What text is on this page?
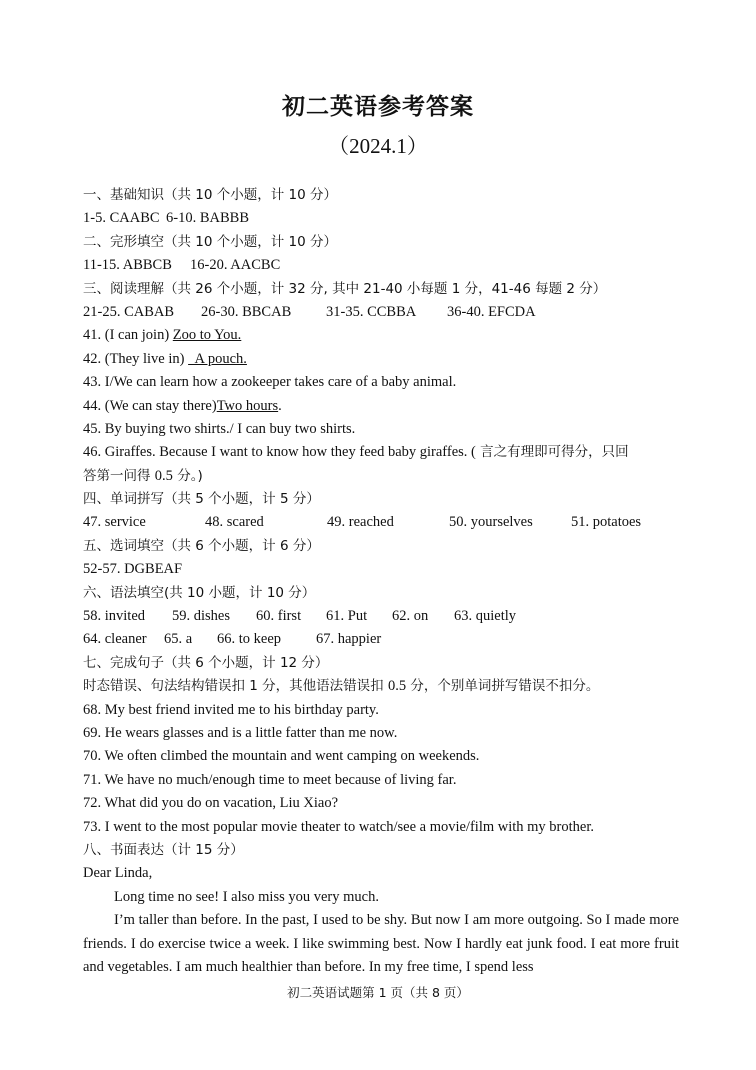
初二英语参考答案
（2024.1）
一、基础知识（共 10 个小题，计 10 分）
1-5. CAABC 6-10. BABBB
二、完形填空（共 10 个小题，计 10 分）
11-15. ABBCB 16-20. AACBC
三、阅读理解（共 26 个小题，计 32 分, 其中 21-40 小每题 1 分，41-46 每题 2 分）
21-25. CABAB 26-30. BBCAB 31-35. CCBBA 36-40. EFCDA
41. (I can join) Zoo to You.
42. (They live in)   A pouch.
43. I/We can learn how a zookeeper takes care of a baby animal.
44. (We can stay there)Two hours.
45. By buying two shirts./ I can buy two shirts.
46. Giraffes. Because I want to know how they feed baby giraffes. ( 言之有理即可得分，只回
答第一问得 0.5 分。)
四、单词拼写（共 5 个小题，计 5 分）
47. service	48. scared	49. reached	50. yourselves	51. potatoes
五、选词填空（共 6 个小题，计 6 分）
52-57. DGBEAF
六、语法填空(共 10 小题，计 10 分）
58. invited 59. dishes 60. first 61. Put 62. on 63. quietly
64. cleaner 65. a 66. to keep 67. happier
七、完成句子（共 6 个小题，计 12 分）
时态错误、句法结构错误扣 1 分，其他语法错误扣 0.5 分，个别单词拼写错误不扣分。
68. My best friend invited me to his birthday party.
69. He wears glasses and is a little fatter than me now.
70. We often climbed the mountain and went camping on weekends.
71. We have no much/enough time to meet because of living far.
72. What did you do on vacation, Liu Xiao?
73. I went to the most popular movie theater to watch/see a movie/film with my brother.
八、书面表达（计 15 分）
Dear Linda,
Long time no see! I also miss you very much.
I’m taller than before. In the past, I used to be shy. But now I am more outgoing. So I made more friends. I do exercise twice a week. I like swimming best. Now I hardly eat junk food. I eat more fruit and vegetables. I am much healthier than before. In my free time, I spend less
初二英语试题第 1 页（共 8 页）
